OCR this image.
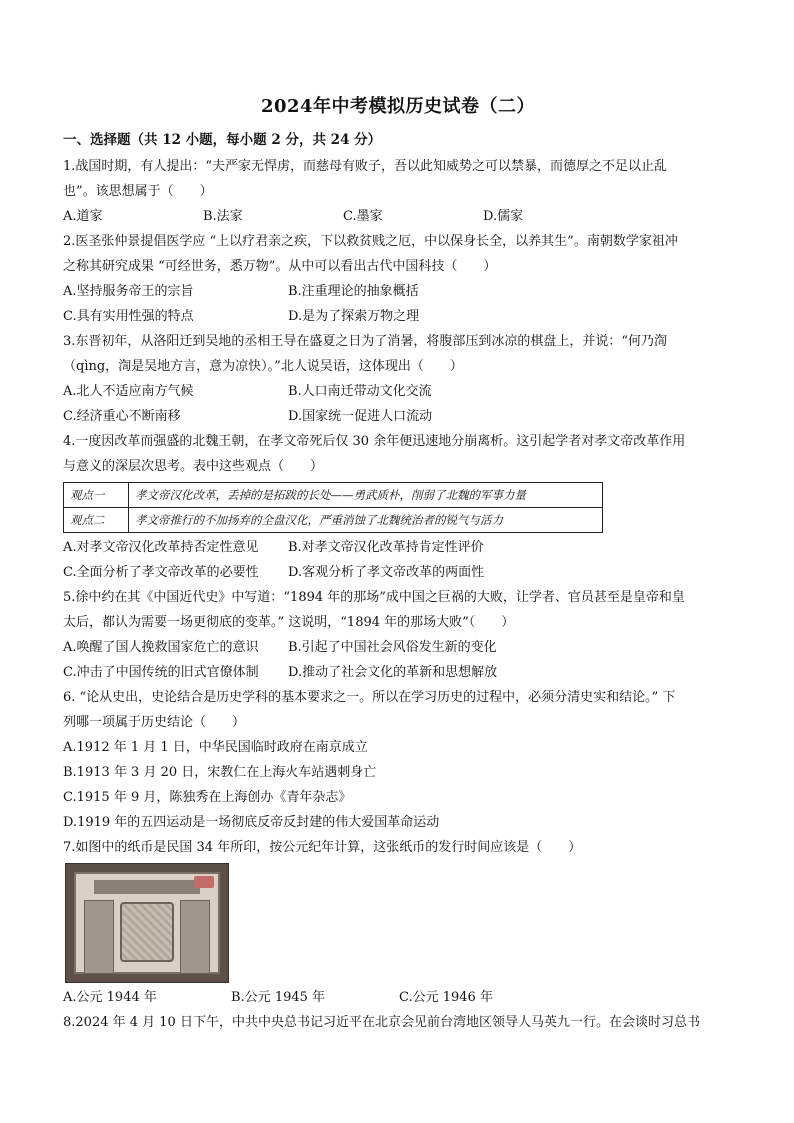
2024年中考模拟历史试卷（二）
一、选择题（共 12 小题，每小题 2 分，共 24 分）

1.战国时期，有人提出：“夫严家无悍虏，而慈母有败子，吾以此知威势之可以禁暴，而德厚之不足以止乱

也”。该思想属于（　　）

A.道家	B.法家	C.墨家	D.儒家

2.医圣张仲景提倡医学应 “上以疗君亲之疾，下以救贫贱之厄，中以保身长全，以养其生”。南朝数学家祖冲

之称其研究成果 “可经世务，悉万物”。从中可以看出古代中国科技（　　）

A.坚持服务帝王的宗旨	B.注重理论的抽象概括
C.具有实用性强的特点	D.是为了探索万物之理

3.东晋初年，从洛阳迁到吴地的丞相王导在盛夏之日为了消暑，将腹部压到冰凉的棋盘上，并说：“何乃渹

（qìng，渹是吴地方言，意为凉快）。”北人说吴语，这体现出（　　）

A.北人不适应南方气候	B.人口南迁带动文化交流
C.经济重心不断南移	D.国家统一促进人口流动

4.一度因改革而强盛的北魏王朝，在孝文帝死后仅 30 余年便迅速地分崩离析。这引起学者对孝文帝改革作用

与意义的深层次思考。表中这些观点（　　）

观点一	孝文帝汉化改革，丢掉的是拓跋的长处——勇武质朴，削弱了北魏的军事力量
观点二	孝文帝推行的不加扬弃的全盘汉化，严重消蚀了北魏统治者的锐气与活力
A.对孝文帝汉化改革持否定性意见	B.对孝文帝汉化改革持肯定性评价
C.全面分析了孝文帝改革的必要性	D.客观分析了孝文帝改革的两面性

5.徐中约在其《中国近代史》中写道：“1894 年的那场”成中国之巨祸的大败，让学者、官员甚至是皇帝和皇

太后，都认为需要一场更彻底的变革。” 这说明，“1894 年的那场大败”（　　）

A.唤醒了国人挽救国家危亡的意识	B.引起了中国社会风俗发生新的变化
C.冲击了中国传统的旧式官僚体制	D.推动了社会文化的革新和思想解放

6. “论从史出，史论结合是历史学科的基本要求之一。所以在学习历史的过程中，必须分清史实和结论。” 下

列哪一项属于历史结论（　　）

A.1912 年 1 月 1 日，中华民国临时政府在南京成立

B.1913 年 3 月 20 日，宋教仁在上海火车站遇刺身亡

C.1915 年 9 月，陈独秀在上海创办《青年杂志》

D.1919 年的五四运动是一场彻底反帝反封建的伟大爱国革命运动

7.如图中的纸币是民国 34 年所印，按公元纪年计算，这张纸币的发行时间应该是（　　）

A.公元 1944 年	B.公元 1945 年	C.公元 1946 年

8.2024 年 4 月 10 日下午，中共中央总书记习近平在北京会见前台湾地区领导人马英九一行。在会谈时习总书
